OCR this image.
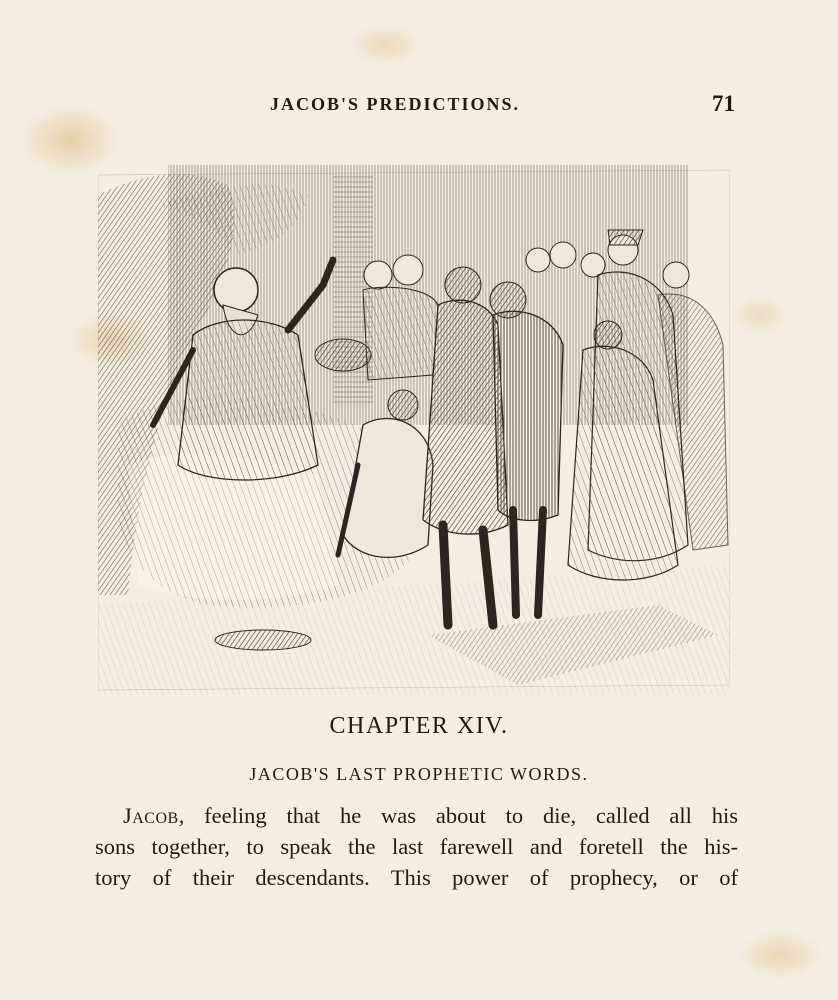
JACOB'S PREDICTIONS.	71
CHAPTER XIV.
JACOB'S LAST PROPHETIC WORDS.

Jacob, feeling that he was about to die, called all his
sons together, to speak the last farewell and foretell the his-
tory of their descendants. This power of prophecy, or of
